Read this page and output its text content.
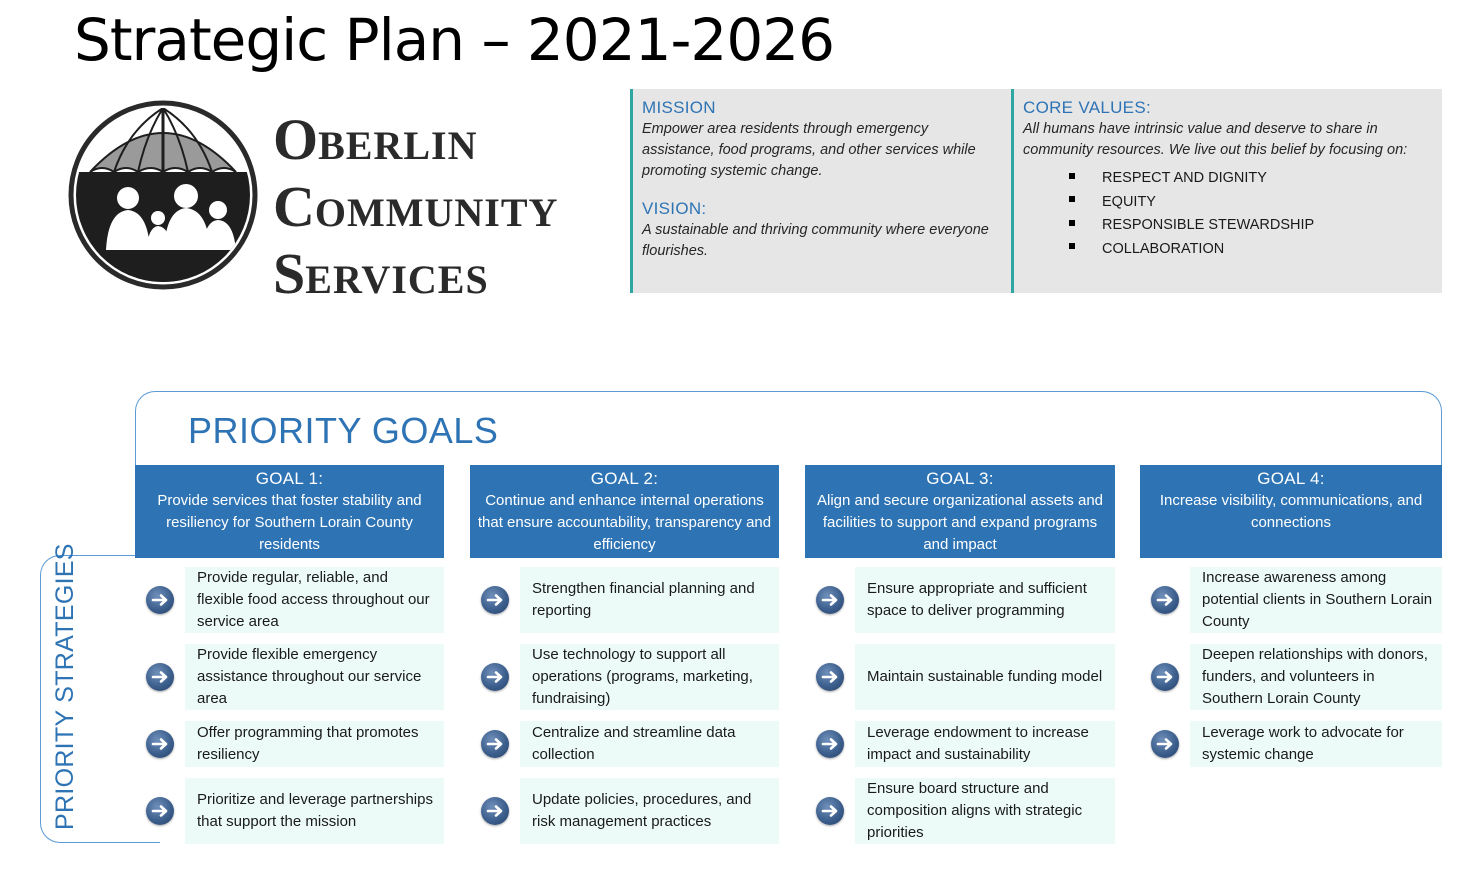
Strategic Plan – 2021-2026
OBERLIN
COMMUNITY
SERVICES
MISSION
Empower area residents through emergency assistance, food programs, and other services while promoting systemic change.
VISION:
A sustainable and thriving community where everyone flourishes.
CORE VALUES:
All humans have intrinsic value and deserve to share in community resources. We live out this belief by focusing on:
RESPECT AND DIGNITY
EQUITY
RESPONSIBLE STEWARDSHIP
COLLABORATION
PRIORITY GOALS
PRIORITY STRATEGIES
GOAL 1:
Provide services that foster stability and resiliency for Southern Lorain County residents
GOAL 2:
Continue and enhance internal operations that ensure accountability, transparency and efficiency
GOAL 3:
Align and secure organizational assets and facilities to support and expand programs and impact
GOAL 4:
Increase visibility, communications, and connections
Provide regular, reliable, and flexible food access throughout our service area
Provide flexible emergency assistance throughout our service area
Offer programming that promotes resiliency
Prioritize and leverage partnerships that support the mission
Strengthen financial planning and reporting
Use technology to support all operations (programs, marketing, fundraising)
Centralize and streamline data collection
Update policies, procedures, and risk management practices
Ensure appropriate and sufficient space to deliver programming
Maintain sustainable funding model
Leverage endowment to increase impact and sustainability
Ensure board structure and composition aligns with strategic priorities
Increase awareness among potential clients in Southern Lorain County
Deepen relationships with donors, funders, and volunteers in Southern Lorain County
Leverage work to advocate for systemic change
